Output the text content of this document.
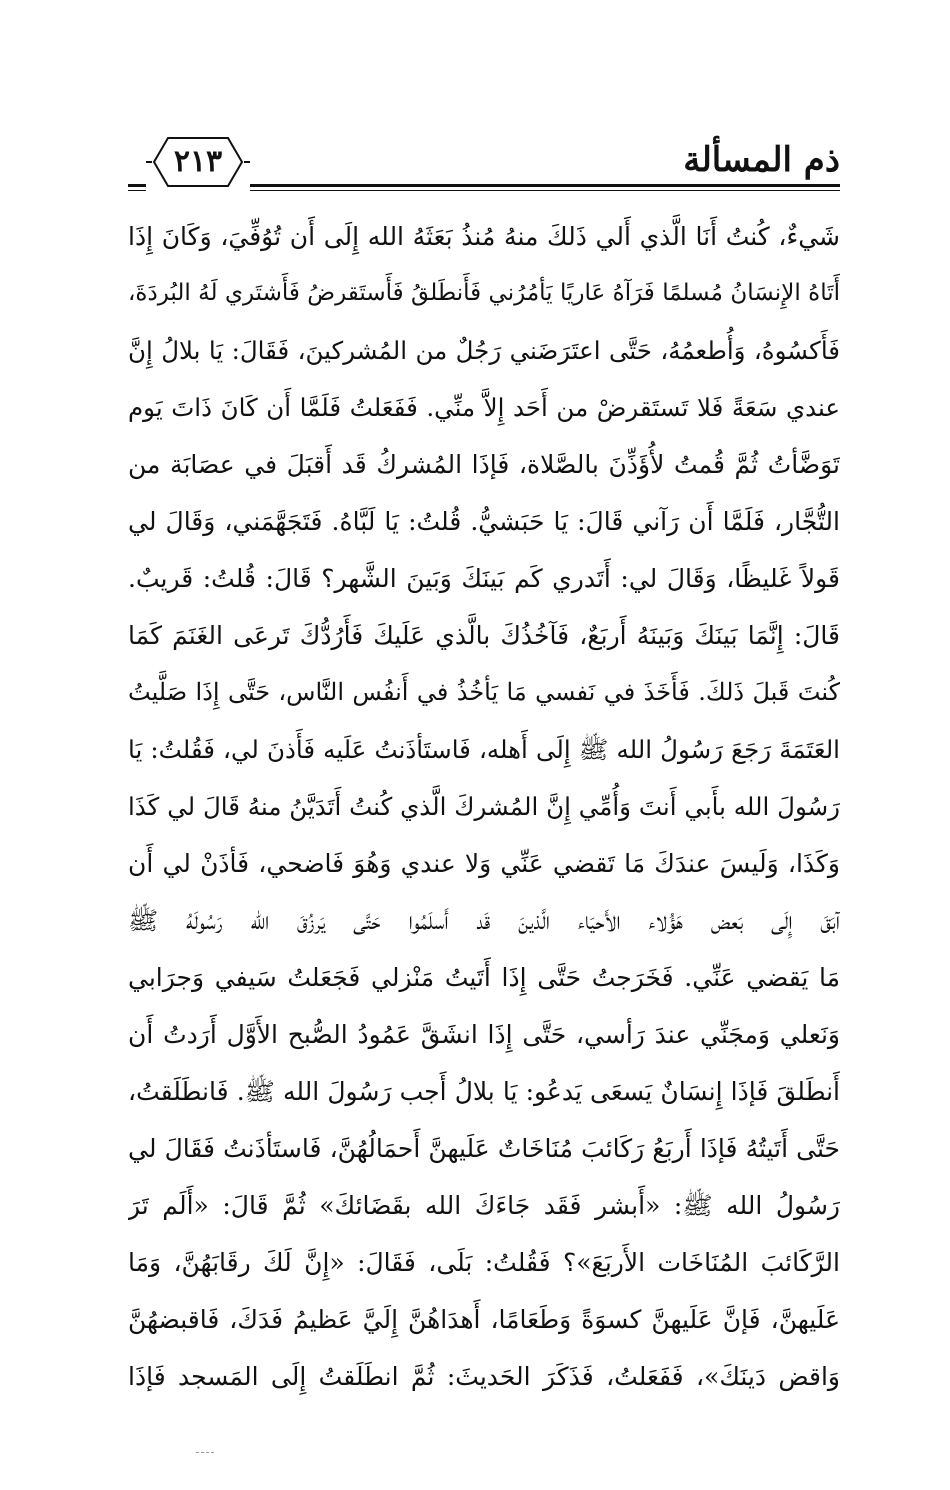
ذم المسألة
٢١٣
شَيءٌ، كُنتُ أَنَا الَّذي أَلي ذَلكَ منهُ مُنذُ بَعَثَهُ الله إِلَى أَن تُوُفِّيَ، وَكَانَ إِذَا
أَتَاهُ الإِنسَانُ مُسلمًا فَرَآهُ عَاريًا يَأمُرُني فَأَنطَلقُ فَأَستَقرضُ فَأَشتَري لَهُ البُردَةَ،
فَأَكسُوهُ، وَأُطعمُهُ، حَتَّى اعتَرَضَني رَجُلٌ من المُشركينَ، فَقَالَ: يَا بلالُ إِنَّ
عندي سَعَةً فَلا تَستَقرضْ من أَحَد إِلاَّ منِّي. فَفَعَلتُ فَلَمَّا أَن كَانَ ذَاتَ يَوم
تَوَضَّأتُ ثُمَّ قُمتُ لأُؤَذِّنَ بالصَّلاة، فَإذَا المُشركُ قَد أَقبَلَ في عصَابَة من
التُّجَّار، فَلَمَّا أَن رَآني قَالَ: يَا حَبَشيُّ. قُلتُ: يَا لَبَّاهُ. فَتَجَهَّمَني، وَقَالَ لي
قَولاً غَليظًا، وَقَالَ لي: أَتَدري كَم بَينَكَ وَبَينَ الشَّهر؟ قَالَ: قُلتُ: قَريبٌ.
قَالَ: إِنَّمَا بَينَكَ وَبَينَهُ أَربَعٌ، فَآخُذُكَ بالَّذي عَلَيكَ فَأَرُدُّكَ تَرعَى الغَنَمَ كَمَا
كُنتَ قَبلَ ذَلكَ. فَأَخَذَ في نَفسي مَا يَأخُذُ في أَنفُس النَّاس، حَتَّى إِذَا صَلَّيتُ
العَتَمَةَ رَجَعَ رَسُولُ الله ﷺ إِلَى أَهله، فَاستَأذَنتُ عَلَيه فَأَذنَ لي، فَقُلتُ: يَا
رَسُولَ الله بأَبي أَنتَ وَأُمِّي إِنَّ المُشركَ الَّذي كُنتُ أَتَدَيَّنُ منهُ قَالَ لي كَذَا
وَكَذَا، وَلَيسَ عندَكَ مَا تَقضي عَنِّي وَلا عندي وَهُوَ فَاضحي، فَأذَنْ لي أَن
آبَقَ إِلَى بَعض هَؤُلاء الأَحيَاء الَّذينَ قَد أَسلَمُوا حَتَّى يَرزُقَ الله رَسُولَهُ ﷺ
مَا يَقضي عَنِّي. فَخَرَجتُ حَتَّى إِذَا أَتَيتُ مَنْزلي فَجَعَلتُ سَيفي وَجرَابي
وَنَعلي وَمجَنِّي عندَ رَأسي، حَتَّى إِذَا انشَقَّ عَمُودُ الصُّبح الأَوَّل أَرَدتُ أَن
أَنطَلقَ فَإذَا إِنسَانٌ يَسعَى يَدعُو: يَا بلالُ أَجب رَسُولَ الله ﷺ. فَانطَلَقتُ،
حَتَّى أَتَيتُهُ فَإذَا أَربَعُ رَكَائبَ مُنَاخَاتٌ عَلَيهنَّ أَحمَالُهُنَّ، فَاستَأذَنتُ فَقَالَ لي
رَسُولُ الله ﷺ: «أَبشر فَقَد جَاءَكَ الله بقَضَائكَ» ثُمَّ قَالَ: «أَلَم تَرَ
الرَّكَائبَ المُنَاخَات الأَربَعَ»؟ فَقُلتُ: بَلَى، فَقَالَ: «إِنَّ لَكَ رقَابَهُنَّ، وَمَا
عَلَيهنَّ، فَإنَّ عَلَيهنَّ كسوَةً وَطَعَامًا، أَهدَاهُنَّ إِلَيَّ عَظيمُ فَدَكَ، فَاقبضهُنَّ
وَاقض دَينَكَ»، فَفَعَلتُ، فَذَكَرَ الحَديثَ: ثُمَّ انطَلَقتُ إِلَى المَسجد فَإذَا
